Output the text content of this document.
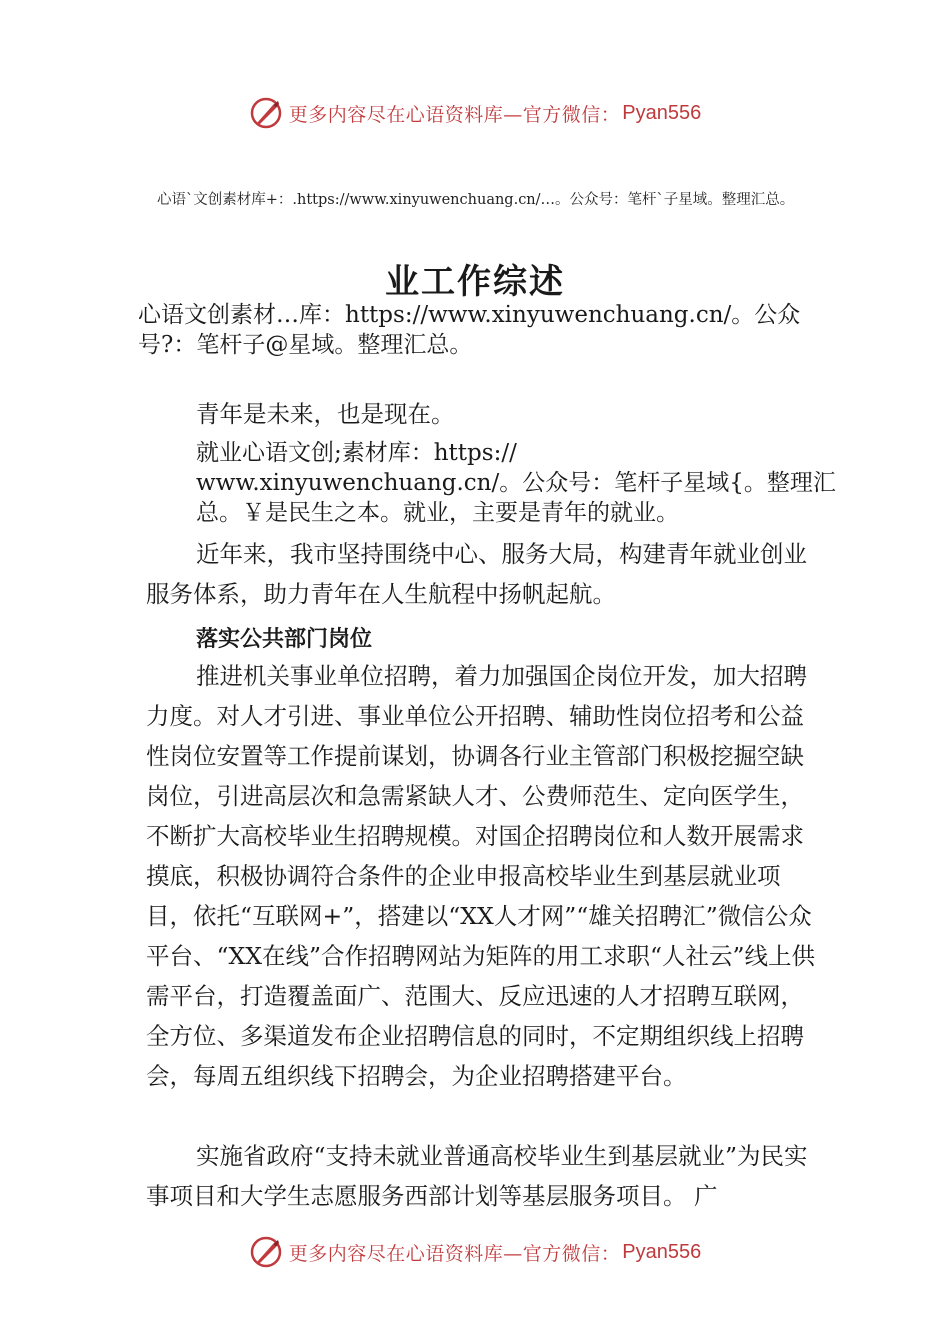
更多内容尽在心语资料库—官方微信： Pyan556
心语`文创素材库+：.https://www.xinyuwenchuang.cn/…。公众号：笔杆`子星域。整理汇总。
业工作综述
心语文创素材…库：https://www.xinyuwenchuang.cn/。公众号?：笔杆子@星域。整理汇总。
青年是未来，也是现在。
就业心语文创;素材库：https://
www.xinyuwenchuang.cn/。公众号：笔杆子星域{。整理汇总。￥是民生之本。就业，主要是青年的就业。
近年来，我市坚持围绕中心、服务大局，构建青年就业创业服务体系，助力青年在人生航程中扬帆起航。
落实公共部门岗位
推进机关事业单位招聘，着力加强国企岗位开发，加大招聘力度。对人才引进、事业单位公开招聘、辅助性岗位招考和公益性岗位安置等工作提前谋划，协调各行业主管部门积极挖掘空缺岗位，引进高层次和急需紧缺人才、公费师范生、定向医学生，不断扩大高校毕业生招聘规模。对国企招聘岗位和人数开展需求摸底，积极协调符合条件的企业申报高校毕业生到基层就业项目，依托“互联网+”，搭建以“XX人才网”“雄关招聘汇”微信公众平台、“XX在线”合作招聘网站为矩阵的用工求职“人社云”线上供需平台，打造覆盖面广、范围大、反应迅速的人才招聘互联网，全方位、多渠道发布企业招聘信息的同时，不定期组织线上招聘会，每周五组织线下招聘会，为企业招聘搭建平台。
实施省政府“支持未就业普通高校毕业生到基层就业”为民实事项目和大学生志愿服务西部计划等基层服务项目。 广
更多内容尽在心语资料库—官方微信： Pyan556
